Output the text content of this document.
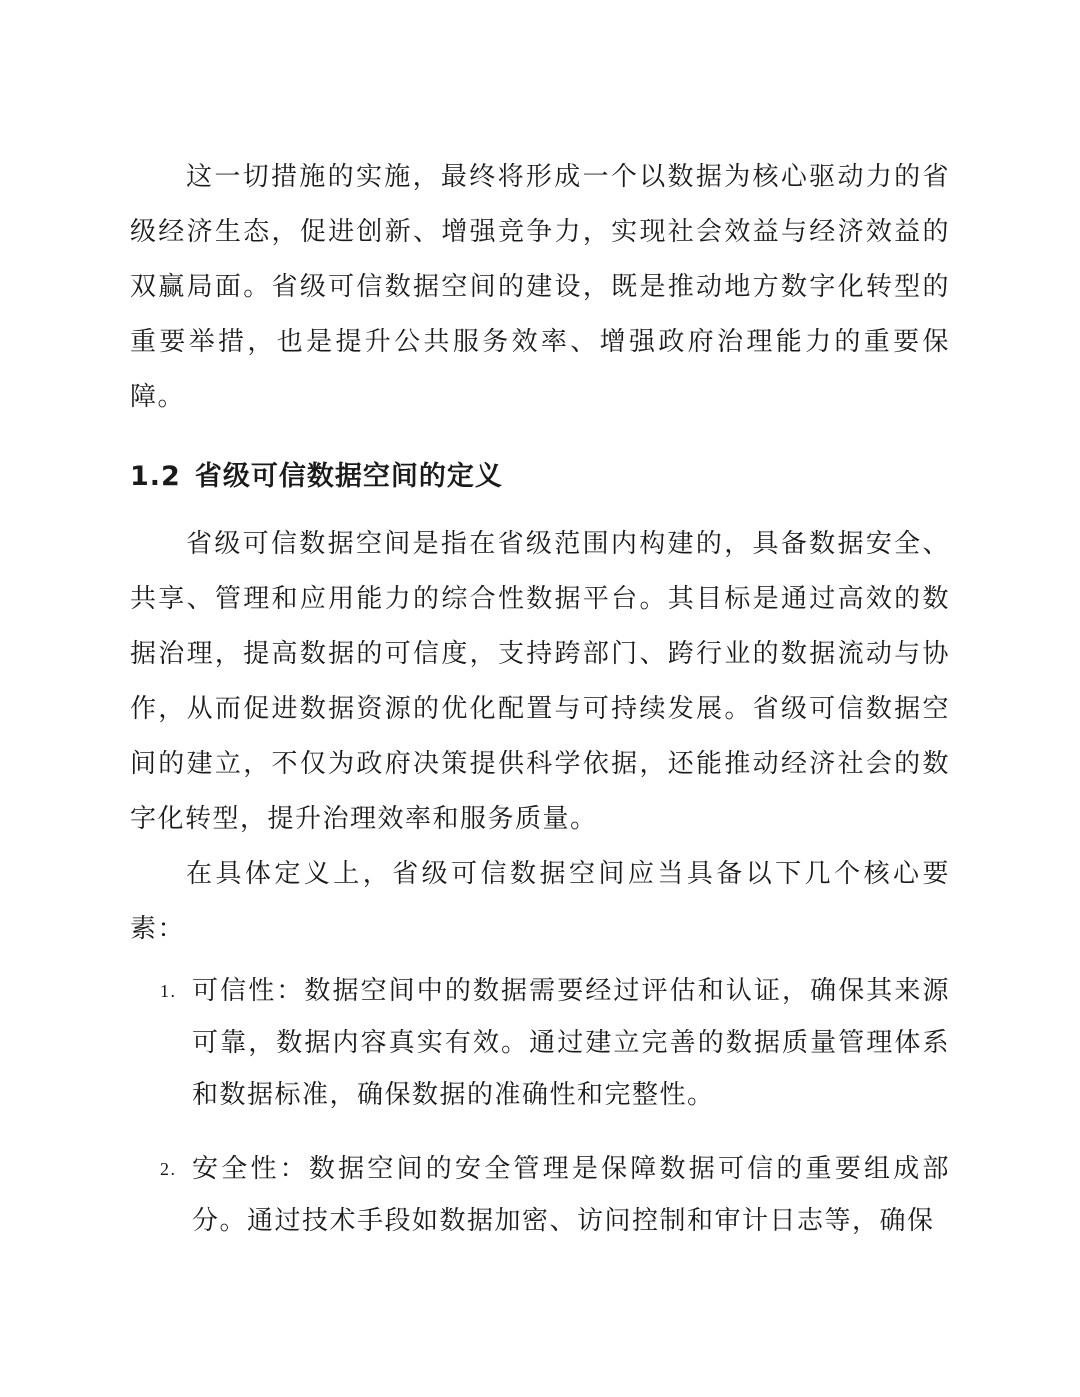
这一切措施的实施，最终将形成一个以数据为核心驱动力的省级经济生态，促进创新、增强竞争力，实现社会效益与经济效益的双赢局面。省级可信数据空间的建设，既是推动地方数字化转型的重要举措，也是提升公共服务效率、增强政府治理能力的重要保障。

1.2 省级可信数据空间的定义

省级可信数据空间是指在省级范围内构建的，具备数据安全、共享、管理和应用能力的综合性数据平台。其目标是通过高效的数据治理，提高数据的可信度，支持跨部门、跨行业的数据流动与协作，从而促进数据资源的优化配置与可持续发展。省级可信数据空间的建立，不仅为政府决策提供科学依据，还能推动经济社会的数字化转型，提升治理效率和服务质量。

在具体定义上，省级可信数据空间应当具备以下几个核心要素：

1. 可信性：数据空间中的数据需要经过评估和认证，确保其来源可靠，数据内容真实有效。通过建立完善的数据质量管理体系和数据标准，确保数据的准确性和完整性。
2. 安全性：数据空间的安全管理是保障数据可信的重要组成部分。通过技术手段如数据加密、访问控制和审计日志等，确保
